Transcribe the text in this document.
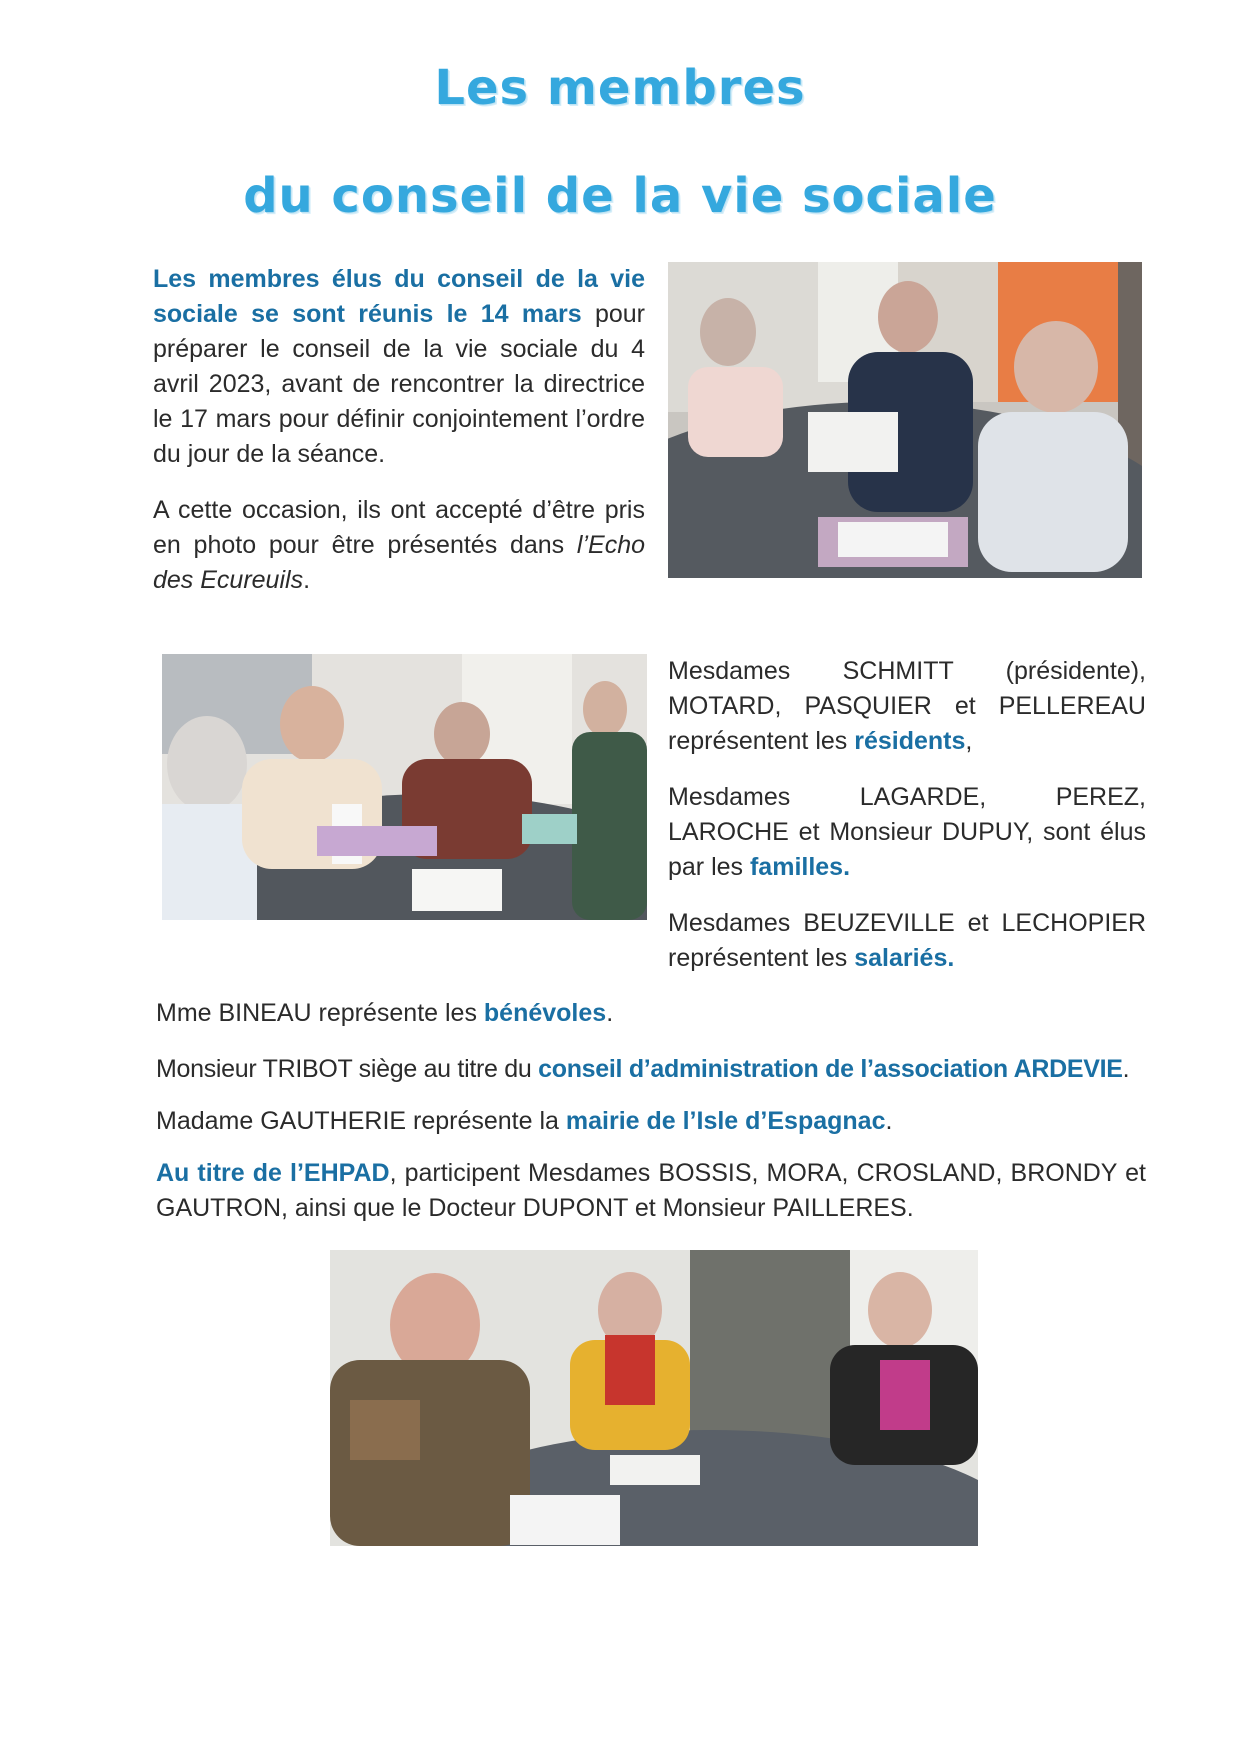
Les membres
du conseil de la vie sociale

Les membres élus du conseil de la vie sociale se sont réunis le 14 mars pour préparer le conseil de la vie sociale du 4 avril 2023, avant de rencontrer la directrice le 17 mars pour définir conjointement l’ordre du jour de la séance.

A cette occasion, ils ont accepté d’être pris en photo pour être présentés dans l’Echo des Ecureuils.

Mesdames SCHMITT (présidente), MOTARD, PASQUIER et PELLEREAU représentent les résidents,

Mesdames LAGARDE, PEREZ, LAROCHE et Monsieur DUPUY, sont élus par les familles.

Mesdames BEUZEVILLE et LECHOPIER représentent les salariés.

Mme BINEAU représente les bénévoles.
Monsieur TRIBOT siège au titre du conseil d’administration de l’association ARDEVIE.
Madame GAUTHERIE représente la mairie de l’Isle d’Espagnac.
Au titre de l’EHPAD, participent Mesdames BOSSIS, MORA, CROSLAND, BRONDY et GAUTRON, ainsi que le Docteur DUPONT et Monsieur PAILLERES.
